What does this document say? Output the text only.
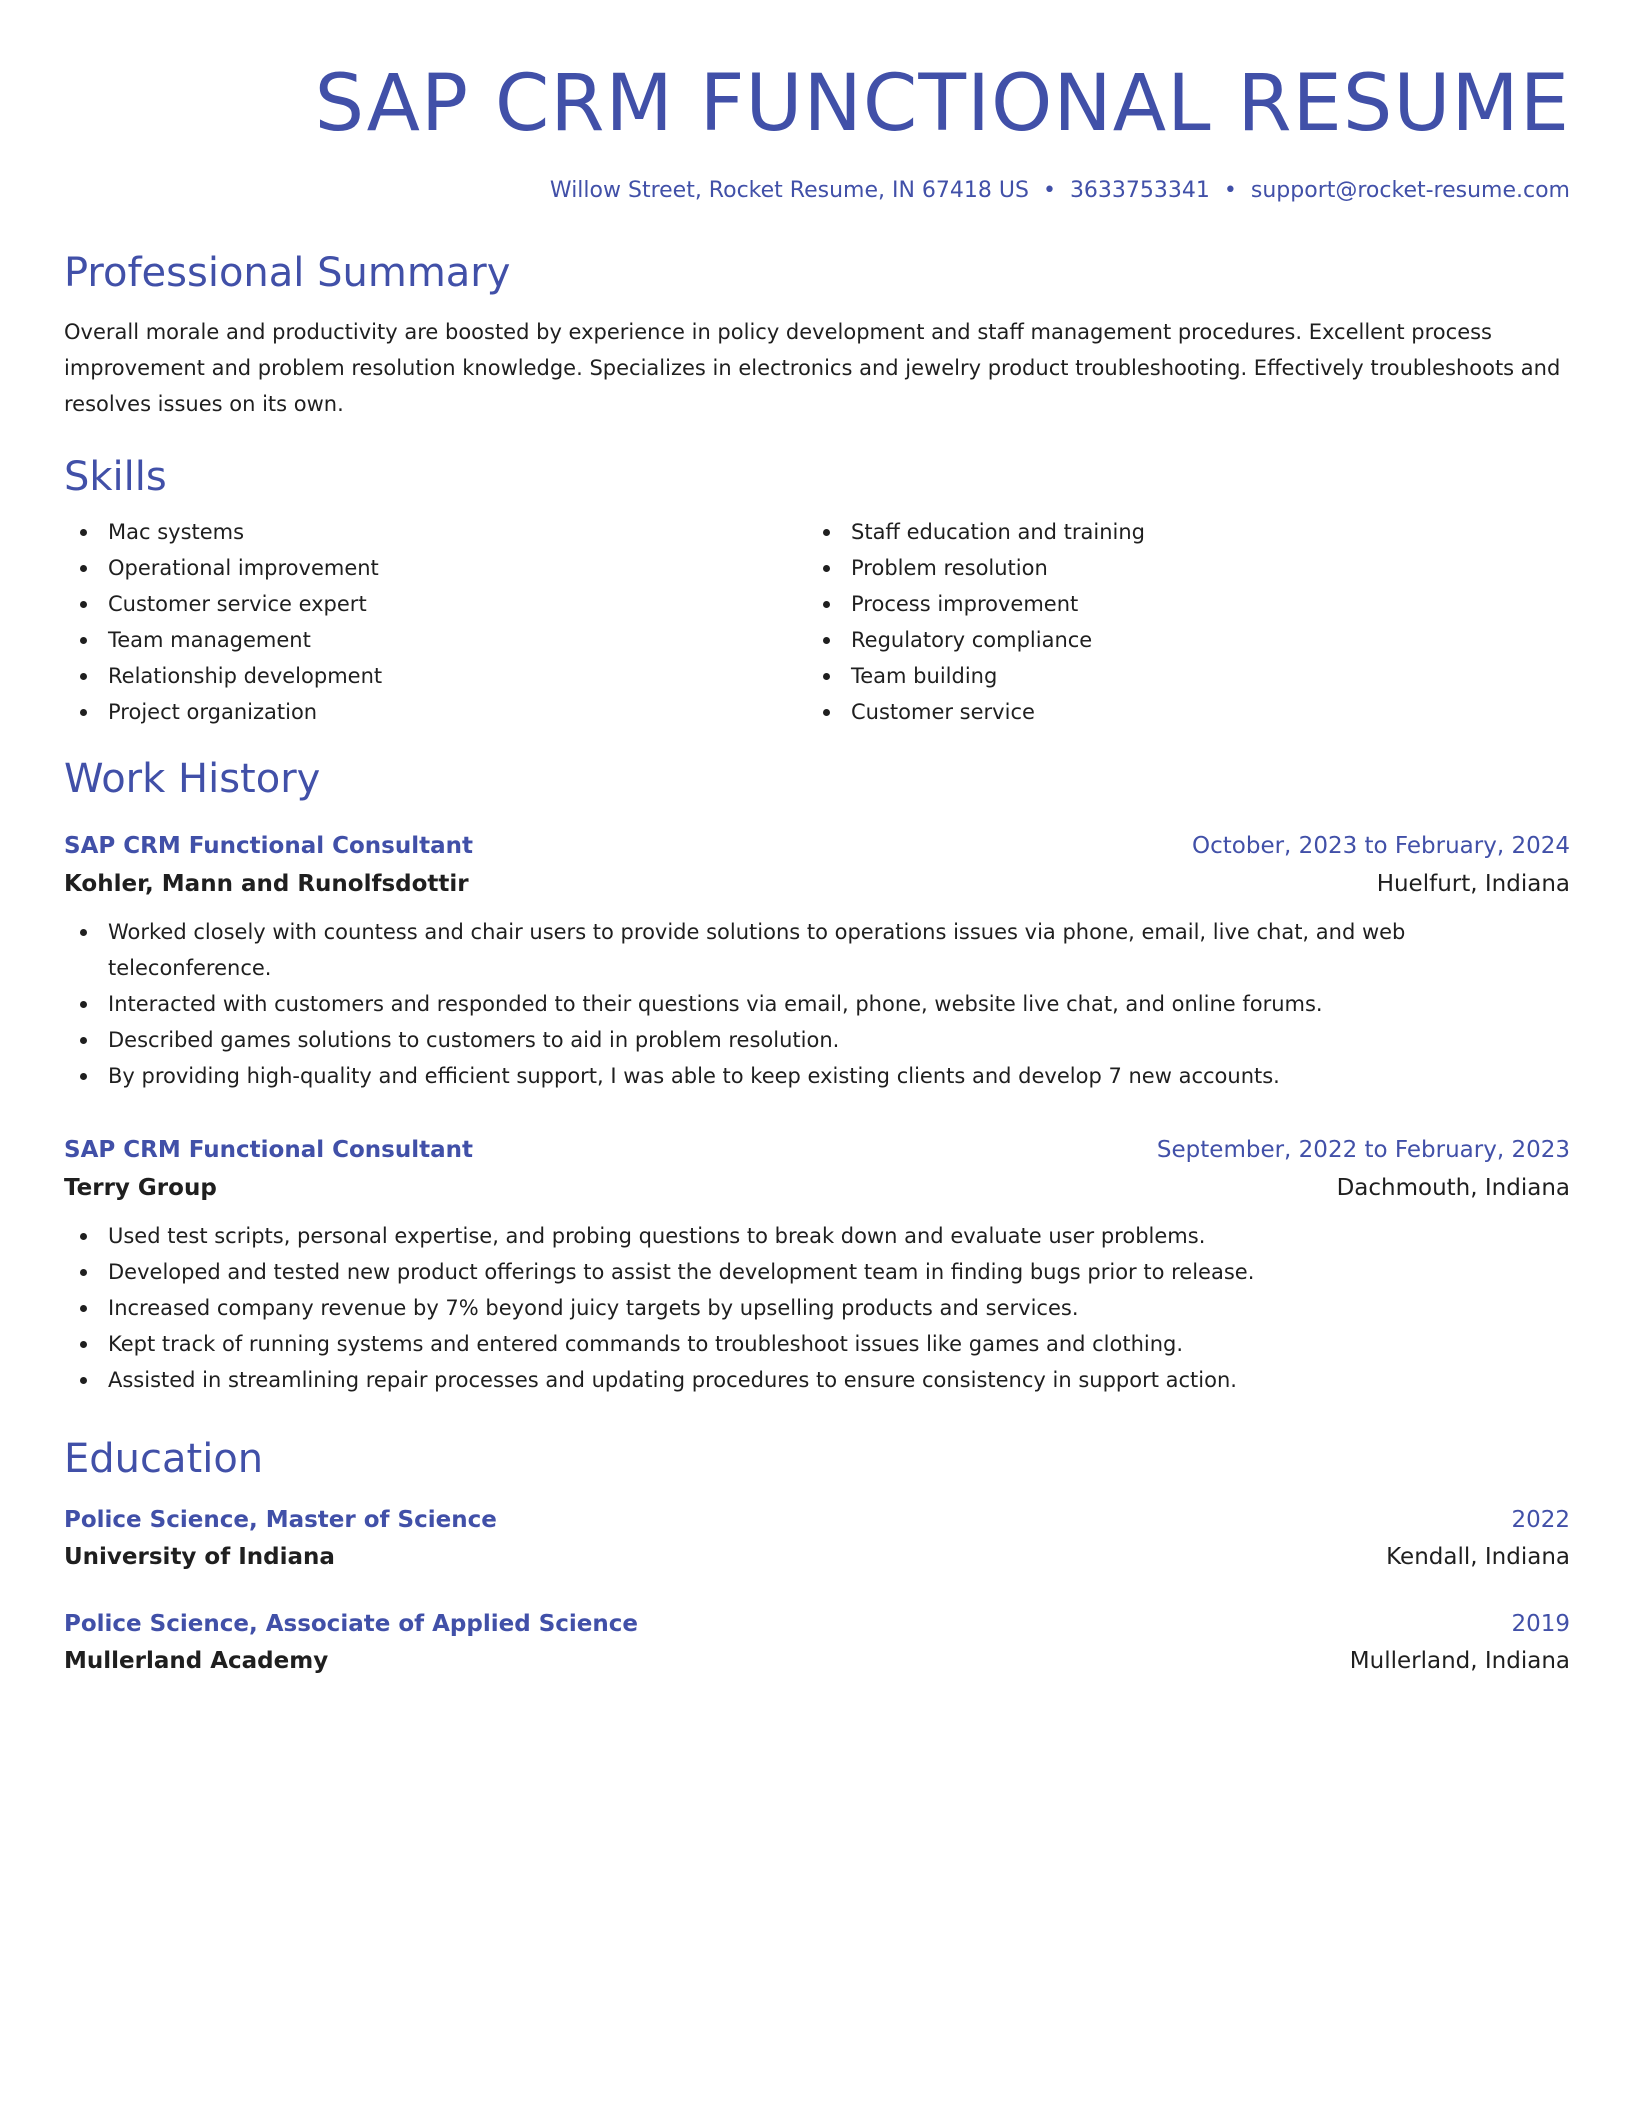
SAP CRM FUNCTIONAL RESUME
Willow Street, Rocket Resume, IN 67418 US • 3633753341 • support@rocket-resume.com
Professional Summary

Overall morale and productivity are boosted by experience in policy development and staff management procedures. Excellent process improvement and problem resolution knowledge. Specializes in electronics and jewelry product troubleshooting. Effectively troubleshoots and resolves issues on its own.

Skills
Mac systems
Operational improvement
Customer service expert
Team management
Relationship development
Project organization
Staff education and training
Problem resolution
Process improvement
Regulatory compliance
Team building
Customer service
Work History
SAP CRM Functional Consultant	October, 2023 to February, 2024
Kohler, Mann and Runolfsdottir	Huelfurt, Indiana
Worked closely with countess and chair users to provide solutions to operations issues via phone, email, live chat, and web teleconference.
Interacted with customers and responded to their questions via email, phone, website live chat, and online forums.
Described games solutions to customers to aid in problem resolution.
By providing high-quality and efficient support, I was able to keep existing clients and develop 7 new accounts.
SAP CRM Functional Consultant	September, 2022 to February, 2023
Terry Group	Dachmouth, Indiana
Used test scripts, personal expertise, and probing questions to break down and evaluate user problems.
Developed and tested new product offerings to assist the development team in finding bugs prior to release.
Increased company revenue by 7% beyond juicy targets by upselling products and services.
Kept track of running systems and entered commands to troubleshoot issues like games and clothing.
Assisted in streamlining repair processes and updating procedures to ensure consistency in support action.
Education
Police Science, Master of Science	2022
University of Indiana	Kendall, Indiana
Police Science, Associate of Applied Science	2019
Mullerland Academy	Mullerland, Indiana
